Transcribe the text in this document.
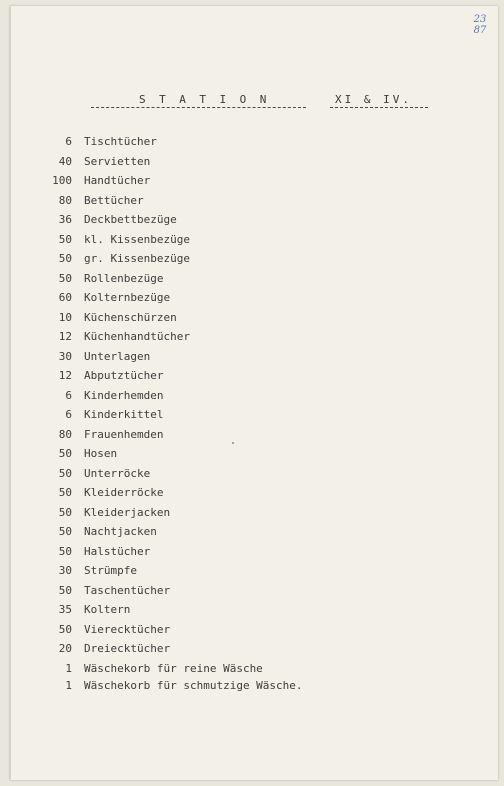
23
87
STATION	XI & IV.
6 Tischtücher
40 Servietten
100 Handtücher
80 Bettücher
36 Deckbettbezüge
50 kl. Kissenbezüge
50 gr. Kissenbezüge
50 Rollenbezüge
60 Kolternbezüge
10 Küchenschürzen
12 Küchenhandtücher
30 Unterlagen
12 Abputztücher
6 Kinderhemden
6 Kinderkittel
80 Frauenhemden
50 Hosen
50 Unterröcke
50 Kleiderröcke
50 Kleiderjacken
50 Nachtjacken
50 Halstücher
30 Strümpfe
50 Taschentücher
35 Koltern
50 Vierecktücher
20 Dreiecktücher
1 Wäschekorb für reine Wäsche
1 Wäschekorb für schmutzige Wäsche.
